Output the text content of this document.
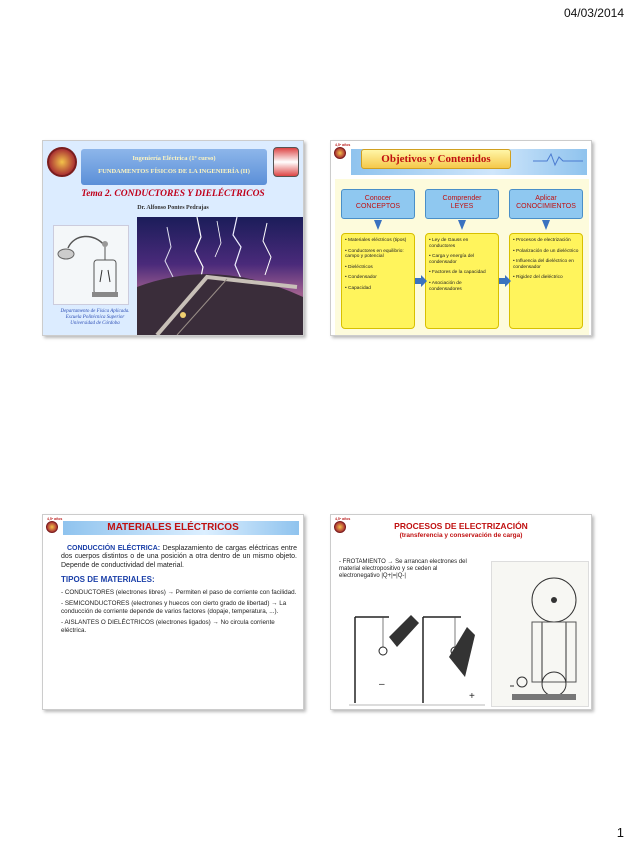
04/03/2014
Ingeniería Eléctrica (1º curso)
FUNDAMENTOS FÍSICOS DE LA INGENIERÍA (II)
Tema 2. CONDUCTORES Y DIELÉCTRICOS
Dr. Alfonso Pontes Pedrajas
Departamento de Física Aplicada.
Escuela Politécnica Superior
Universidad de Córdoba
4,5º años
Objetivos y Contenidos
Conocer
CONCEPTOS
Comprender
LEYES
Aplicar
CONOCIMIENTOS
• Materiales eléctricos (tipos)
• Conductores en equilibrio: campo y potencial
• Dieléctricos
• Condensador
• Capacidad
• Ley de Gauss en conductores
• Carga y energía del condensador
• Factores de la capacidad
• Asociación de condensadores
• Procesos de electrización
• Polarización de un dieléctrico
• Influencia del dieléctrico en condensador
• Rigidez del dieléctrico
4,5º años
MATERIALES ELÉCTRICOS

CONDUCCIÓN ELÉCTRICA: Desplazamiento de cargas eléctricas entre dos cuerpos distintos o de una posición a otra dentro de un mismo objeto. Depende de conductividad del material.

TIPOS DE MATERIALES:
- CONDUCTORES (electrones libres) → Permiten el paso de corriente con facilidad.
- SEMICONDUCTORES (electrones y huecos con cierto grado de libertad) → La conducción de corriente depende de varios factores (dopaje, temperatura, ...).
- AISLANTES O DIELÉCTRICOS (electrones ligados) → No circula corriente eléctrica.
4,5º años
PROCESOS DE ELECTRIZACIÓN
(transferencia y conservación de carga)
- FROTAMIENTO → Se arrancan electrones del material electropositivo y se ceden al electronegativo |Q+|=|Q-|
–
+
1
